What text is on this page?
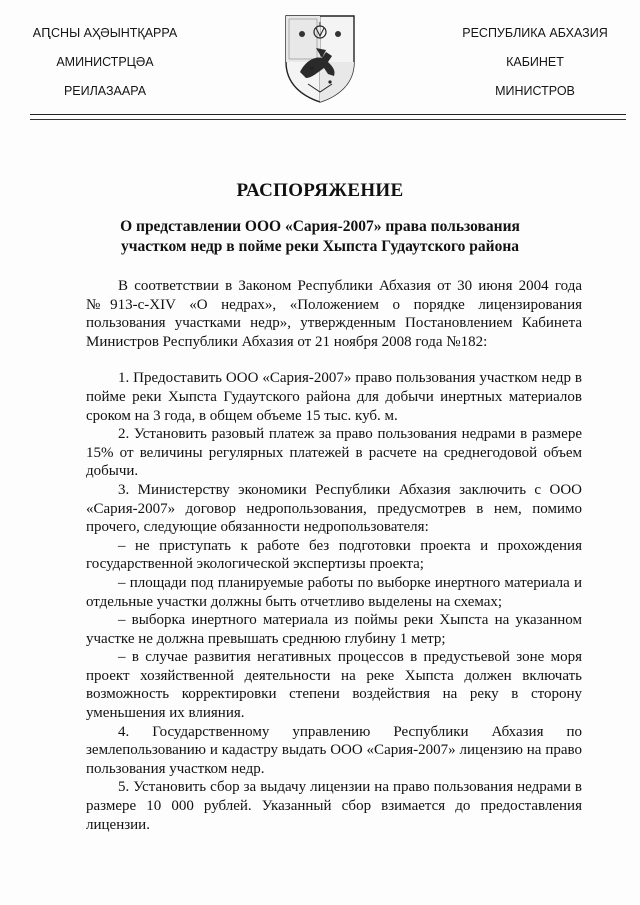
АԤСНЫ АҲӘЫНТҚАРРА
АМИНИСТРЦӘА
РЕИЛАЗААРА
РЕСПУБЛИКА АБХАЗИЯ
КАБИНЕТ
МИНИСТРОВ
РАСПОРЯЖЕНИЕ
О представлении ООО «Сария-2007» права пользования
участком недр в пойме реки Хыпста Гудаутского района

В соответствии в Законом Республики Абхазия от 30 июня 2004 года №913-с-XIV «О недрах», «Положением о порядке лицензирования пользования участками недр», утвержденным Постановлением Кабинета Министров Республики Абхазия от 21 ноября 2008 года №182:

1. Предоставить ООО «Сария-2007» право пользования участком недр в пойме реки Хыпста Гудаутского района для добычи инертных материалов сроком на 3 года, в общем объеме 15 тыс. куб. м.

2. Установить разовый платеж за право пользования недрами в размере 15% от величины регулярных платежей в расчете на среднегодовой объем добычи.

3. Министерству экономики Республики Абхазия заключить с ООО «Сария-2007» договор недропользования, предусмотрев в нем, помимо прочего, следующие обязанности недропользователя:

– не приступать к работе без подготовки проекта и прохождения государственной экологической экспертизы проекта;

– площади под планируемые работы по выборке инертного материала и отдельные участки должны быть отчетливо выделены на схемах;

– выборка инертного материала из поймы реки Хыпста на указанном участке не должна превышать среднюю глубину 1 метр;

– в случае развития негативных процессов в предустьевой зоне моря проект хозяйственной деятельности на реке Хыпста должен включать возможность корректировки степени воздействия на реку в сторону уменьшения их влияния.

4. Государственному управлению Республики Абхазия по землепользованию и кадастру выдать ООО «Сария-2007» лицензию на право пользования участком недр.

5. Установить сбор за выдачу лицензии на право пользования недрами в размере 10 000 рублей. Указанный сбор взимается до предоставления лицензии.
